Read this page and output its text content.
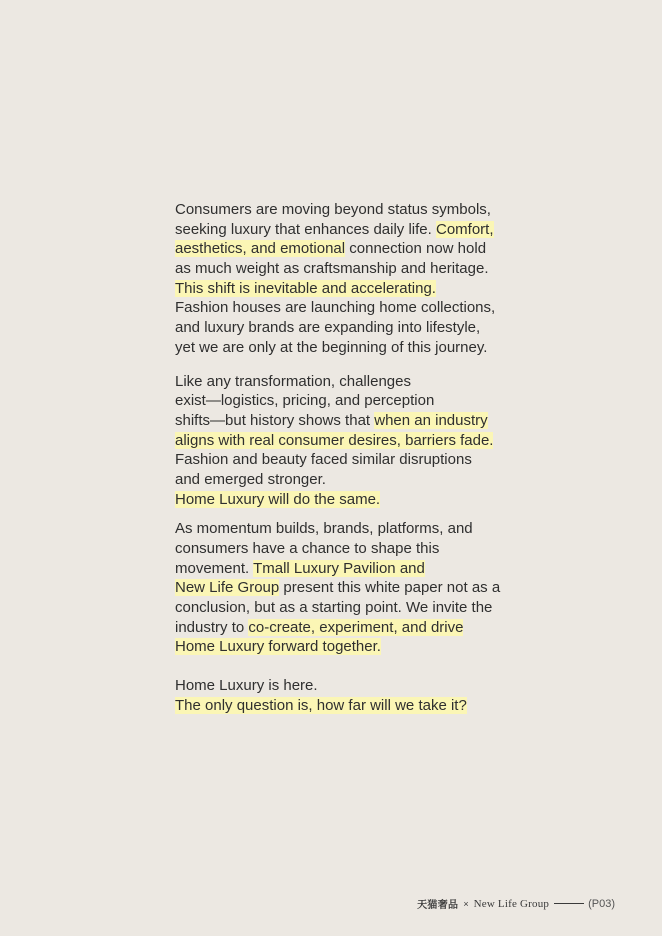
Consumers are moving beyond status symbols,
seeking luxury that enhances daily life. Comfort,
aesthetics, and emotional connection now hold
as much weight as craftsmanship and heritage.
This shift is inevitable and accelerating.
Fashion houses are launching home collections,
and luxury brands are expanding into lifestyle,
yet we are only at the beginning of this journey.

Like any transformation, challenges
exist—logistics, pricing, and perception
shifts—but history shows that when an industry
aligns with real consumer desires, barriers fade.
Fashion and beauty faced similar disruptions
and emerged stronger.
Home Luxury will do the same.

As momentum builds, brands, platforms, and
consumers have a chance to shape this
movement. Tmall Luxury Pavilion and
New Life Group present this white paper not as a
conclusion, but as a starting point. We invite the
industry to co-create, experiment, and drive
Home Luxury forward together.

Home Luxury is here.
The only question is, how far will we take it?

天猫奢品 × New Life Group	(P03)
